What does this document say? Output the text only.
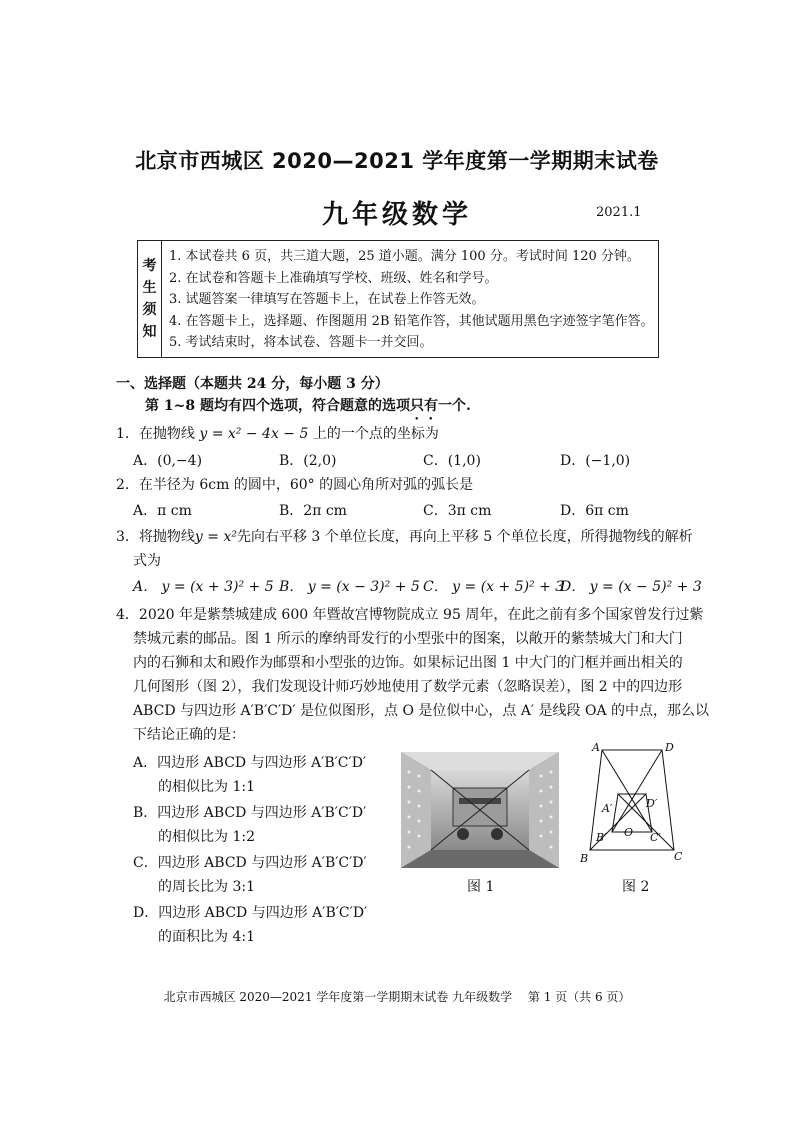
北京市西城区 2020—2021 学年度第一学期期末试卷
九年级数学	2021.1
考
生
须
知
1. 本试卷共 6 页，共三道大题，25 道小题。满分 100 分。考试时间 120 分钟。
2. 在试卷和答题卡上准确填写学校、班级、姓名和学号。
3. 试题答案一律填写在答题卡上，在试卷上作答无效。
4. 在答题卡上，选择题、作图题用 2B 铅笔作答，其他试题用黑色字迹签字笔作答。
5. 考试结束时，将本试卷、答题卡一并交回。
一、选择题（本题共 24 分，每小题 3 分）
第 1~8 题均有四个选项，符合题意的选项只有一个.
1．在抛物线 y = x² − 4x − 5 上的一个点的坐标为
A．(0,−4)	B．(2,0)	C．(1,0)	D．(−1,0)
2．在半径为 6cm 的圆中，60° 的圆心角所对弧的弧长是
A．π cm	B．2π cm	C．3π cm	D．6π cm
3．将抛物线y = x²先向右平移 3 个单位长度，再向上平移 5 个单位长度，所得抛物线的解析
式为
A． y = (x + 3)² + 5 B． y = (x − 3)² + 5 C． y = (x + 5)² + 3
D． y = (x − 5)² + 3
4．2020 年是紫禁城建成 600 年暨故宫博物院成立 95 周年，在此之前有多个国家曾发行过紫
禁城元素的邮品。图 1 所示的摩纳哥发行的小型张中的图案，以敞开的紫禁城大门和大门
内的石狮和太和殿作为邮票和小型张的边饰。如果标记出图 1 中大门的门框并画出相关的
几何图形（图 2），我们发现设计师巧妙地使用了数学元素（忽略误差），图 2 中的四边形
ABCD 与四边形 A′B′C′D′ 是位似图形，点 O 是位似中心，点 A′ 是线段 OA 的中点，那么以
下结论正确的是：
A．四边形 ABCD 与四边形 A′B′C′D′
的相似比为 1:1
B．四边形 ABCD 与四边形 A′B′C′D′
的相似比为 1:2
C．四边形 ABCD 与四边形 A′B′C′D′
的周长比为 3:1
D．四边形 ABCD 与四边形 A′B′C′D′
的面积比为 4:1
图 1
A	D
B	C
A′	D′
B′	C′
O
图 2
北京市西城区 2020—2021 学年度第一学期期末试卷 九年级数学　 第 1 页（共 6 页）
